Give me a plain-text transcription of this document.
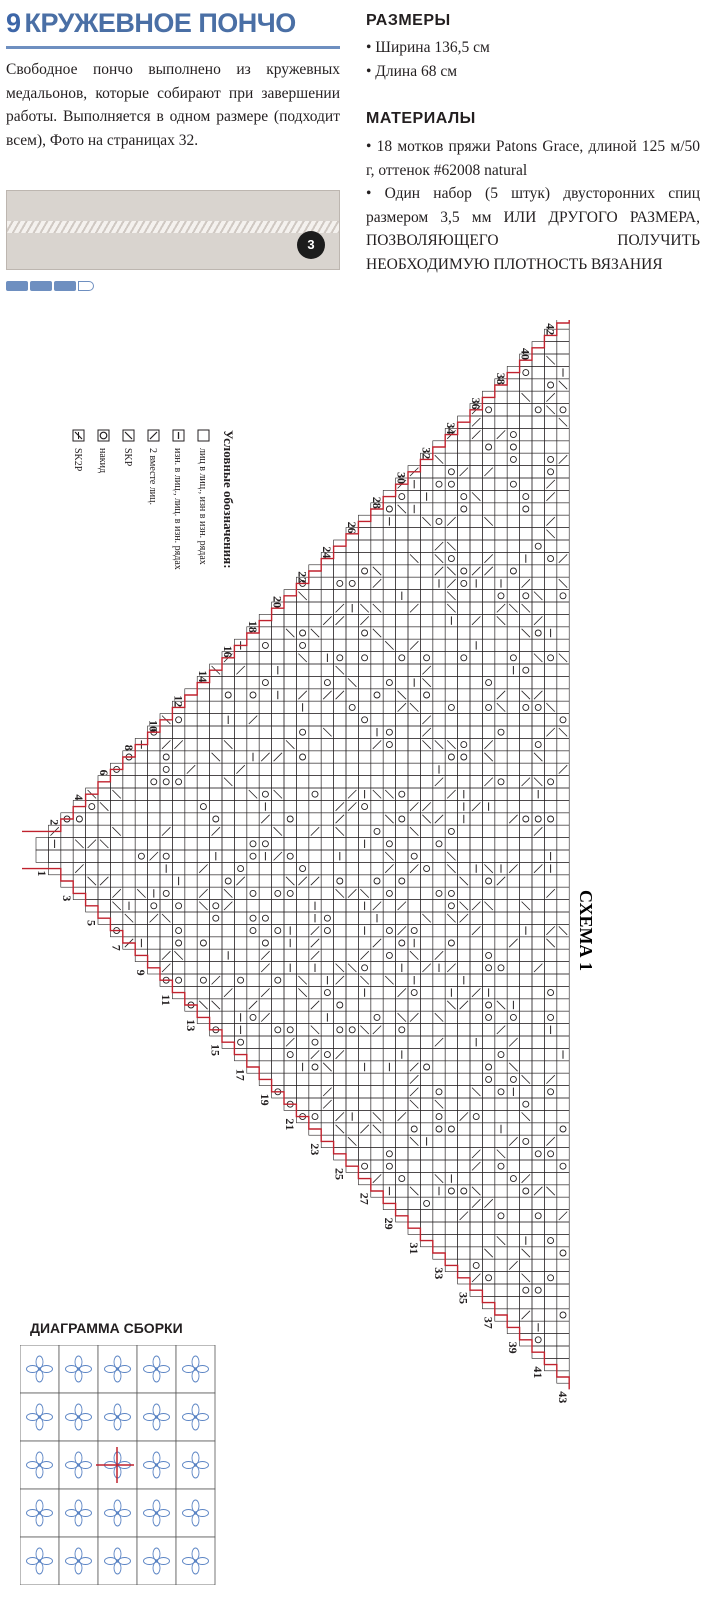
9 КРУЖЕВНОЕ ПОНЧО
Свободное пончо выполнено из кружевных медальонов, которые собирают при завершении работы. Выполняется в одном размере (подходит всем), Фото на страницах 32.
3
РАЗМЕРЫ
• Ширина 136,5 см
• Длина 68 см
МАТЕРИАЛЫ
• 18 мотков пряжи Patons Grace, длиной 125 м/50 г, оттенок #62008 natural
• Один набор (5 штук) двусторонних спиц размером 3,5 мм ИЛИ ДРУГОГО РАЗМЕРА, ПОЗВОЛЯЮЩЕГО ПОЛУЧИТЬ НЕОБХОДИМУЮ ПЛОТНОСТЬ ВЯЗАНИЯ
Условные обозначения:
лиц в лиц., изн в изн. рядах
изн. в лиц., лиц. в изн. рядах
2 вместе лиц.
SKP
накид
SK2P
2
4
6
8
10
12
14
16
18
20
22
24
26
28
30
32
34
36
38
40
42
1
3
5
7
9
11
13
15
17
19
21
23
25
27
29
31
33
35
37
39
41
43
СХЕМА 1
ДИАГРАММА СБОРКИ
